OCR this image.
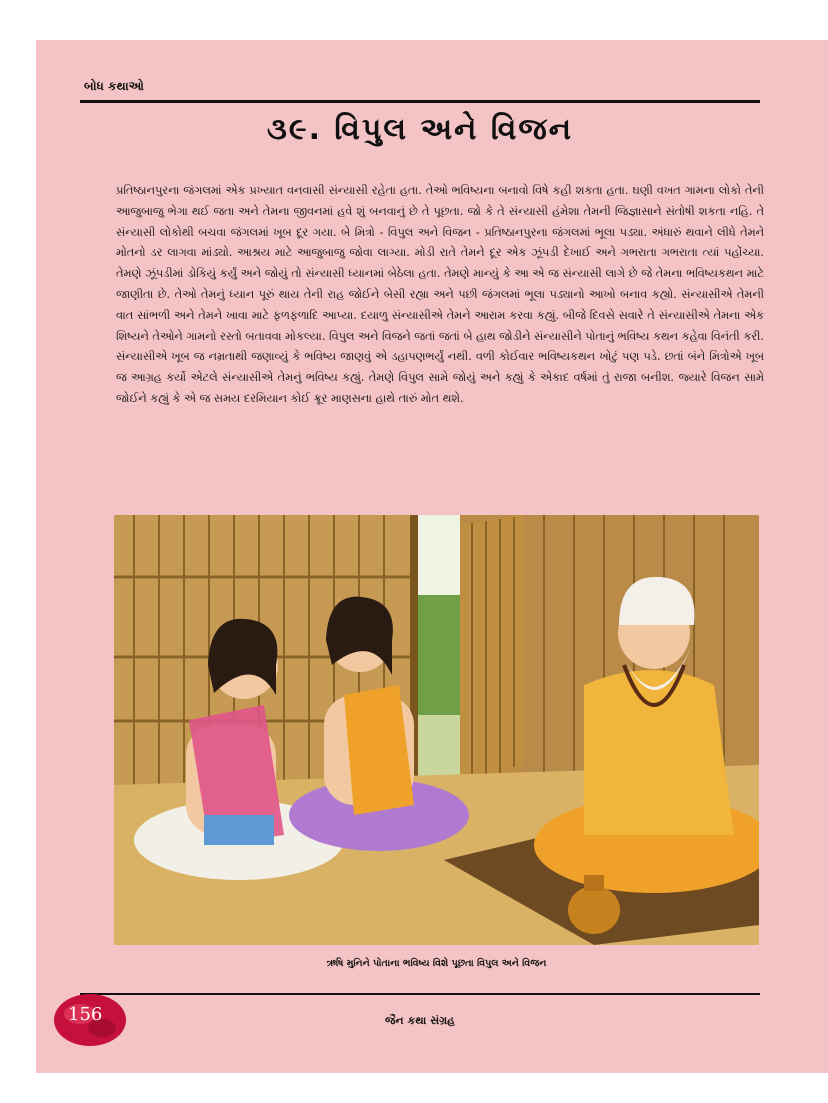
બોધ કથાઓ
૩૯. વિપુલ અને વિજન

પ્રતિષ્ઠાનપુરના જંગલમાં એક પ્રખ્યાત વનવાસી સંન્યાસી રહેતા હતા. તેઓ ભવિષ્યના બનાવો વિષે કહી શકતા હતા. ઘણી વખત ગામના લોકો તેની આજુબાજુ ભેગા થઈ જતા અને તેમના જીવનમાં હવે શું બનવાનું છે તે પૂછતા. જો કે તે સંન્યાસી હંમેશા તેમની જિજ્ઞાસાને સંતોષી શકતા નહિ. તે સંન્યાસી લોકોથી બચવા જંગલમાં ખૂબ દૂર ગયા. બે મિત્રો - વિપુલ અને વિજન - પ્રતિષ્ઠાનપુરના જંગલમાં ભૂલા પડ્યા. અંધારું થવાને લીધે તેમને મોતનો ડર લાગવા માંડ્યો. આશ્રય માટે આજુબાજુ જોવા લાગ્યા. મોડી રાતે તેમને દૂર એક ઝૂંપડી દેખાઈ અને ગભરાતા ગભરાતા ત્યાં પહોંચ્યા. તેમણે ઝૂંપડીમાં ડોકિયું કર્યું અને જોયું તો સંન્યાસી ધ્યાનમાં બેઠેલા હતા. તેમણે માન્યું કે આ એ જ સંન્યાસી લાગે છે જે તેમના ભવિષ્યકથન માટે જાણીતા છે. તેઓ તેમનું ધ્યાન પૂરું થાય તેની રાહ જોઈને બેસી રહ્યા અને પછી જંગલમાં ભૂલા પડ્યાનો આખો બનાવ કહ્યો. સંન્યાસીએ તેમની વાત સાંભળી અને તેમને ખાવા માટે ફળફળાદિ આપ્યા. દયાળુ સંન્યાસીએ તેમને આરામ કરવા કહ્યું. બીજે દિવસે સવારે તે સંન્યાસીએ તેમના એક શિષ્યને તેઓને ગામનો રસ્તો બતાવવા મોકલ્યા. વિપુલ અને વિજને જતાં જતાં બે હાથ જોડીને સંન્યાસીને પોતાનું ભવિષ્ય કથન કહેવા વિનંતી કરી. સંન્યાસીએ ખૂબ જ નમ્રતાથી જણાવ્યું કે ભવિષ્ય જાણવું એ ડહાપણભર્યું નથી. વળી કોઈવાર ભવિષ્યકથન ખોટું પણ પડે. છતાં બંને મિત્રોએ ખૂબ જ આગ્રહ કર્યો એટલે સંન્યાસીએ તેમનું ભવિષ્ય કહ્યું. તેમણે વિપુલ સામે જોયું અને કહ્યું કે એકાદ વર્ષમાં તું રાજા બનીશ. જ્યારે વિજન સામે જોઈને કહ્યું કે એ જ સમય દરમિયાન કોઈ ક્રૂર માણસના હાથે તારું મોત થશે.

ઋષિ મુનિને પોતાના ભવિષ્ય વિશે પૂછતા વિપુલ અને વિજન
156	જૈન કથા સંગ્રહ
